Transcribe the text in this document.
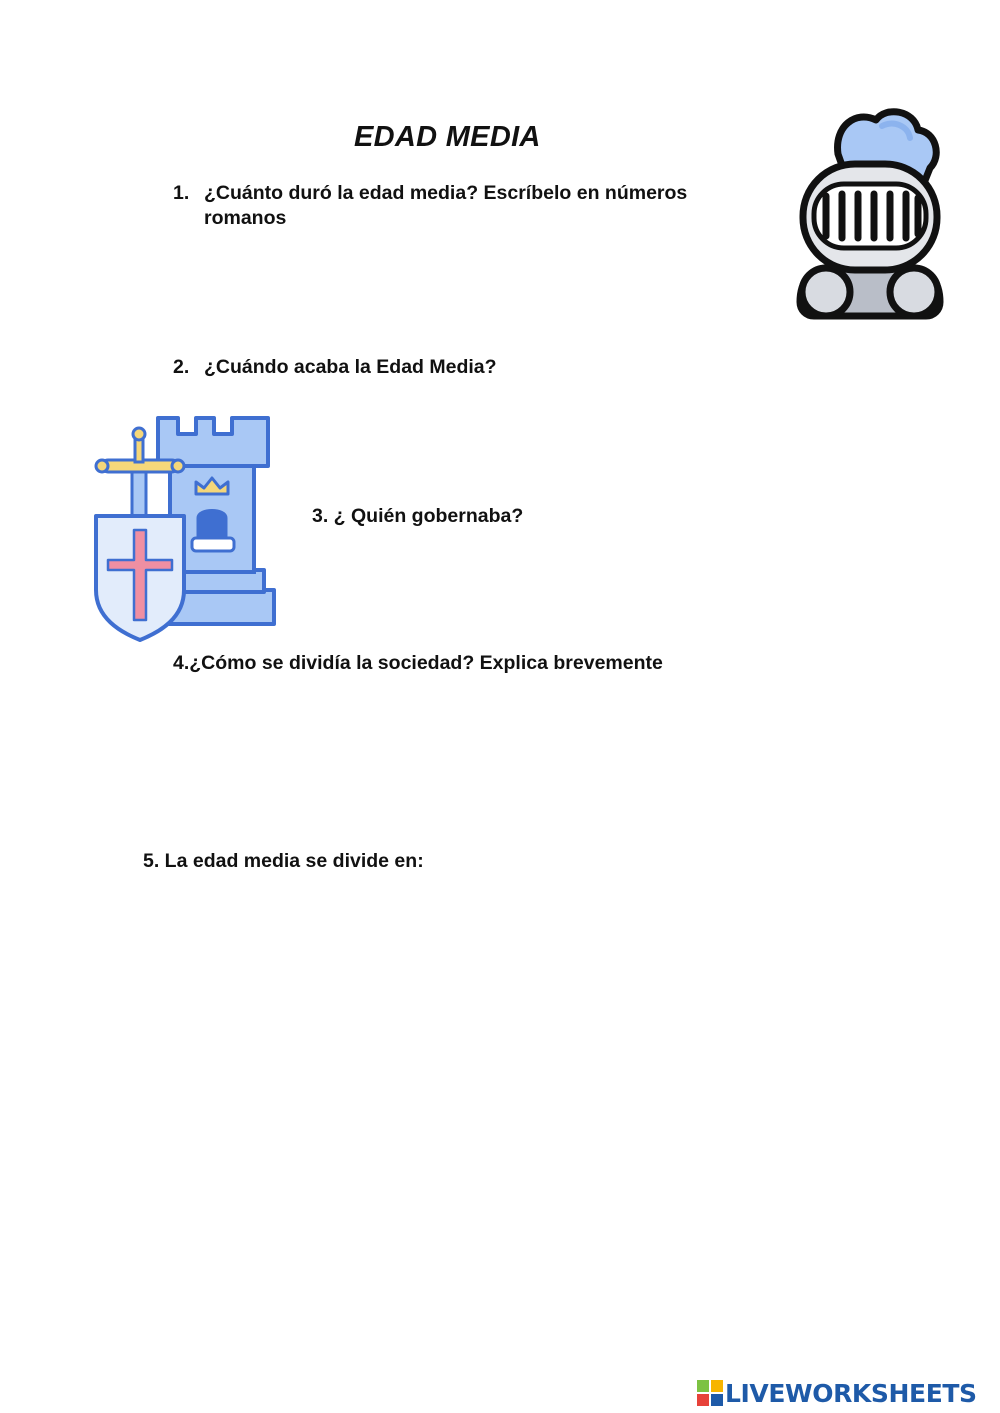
EDAD MEDIA
1. ¿Cuánto duró la edad media? Escríbelo en números
romanos
2. ¿Cuándo acaba la Edad Media?
3. ¿ Quién gobernaba?
4.¿Cómo se dividía la sociedad? Explica brevemente
5. La edad media se divide en:
LIVEWORKSHEETS
